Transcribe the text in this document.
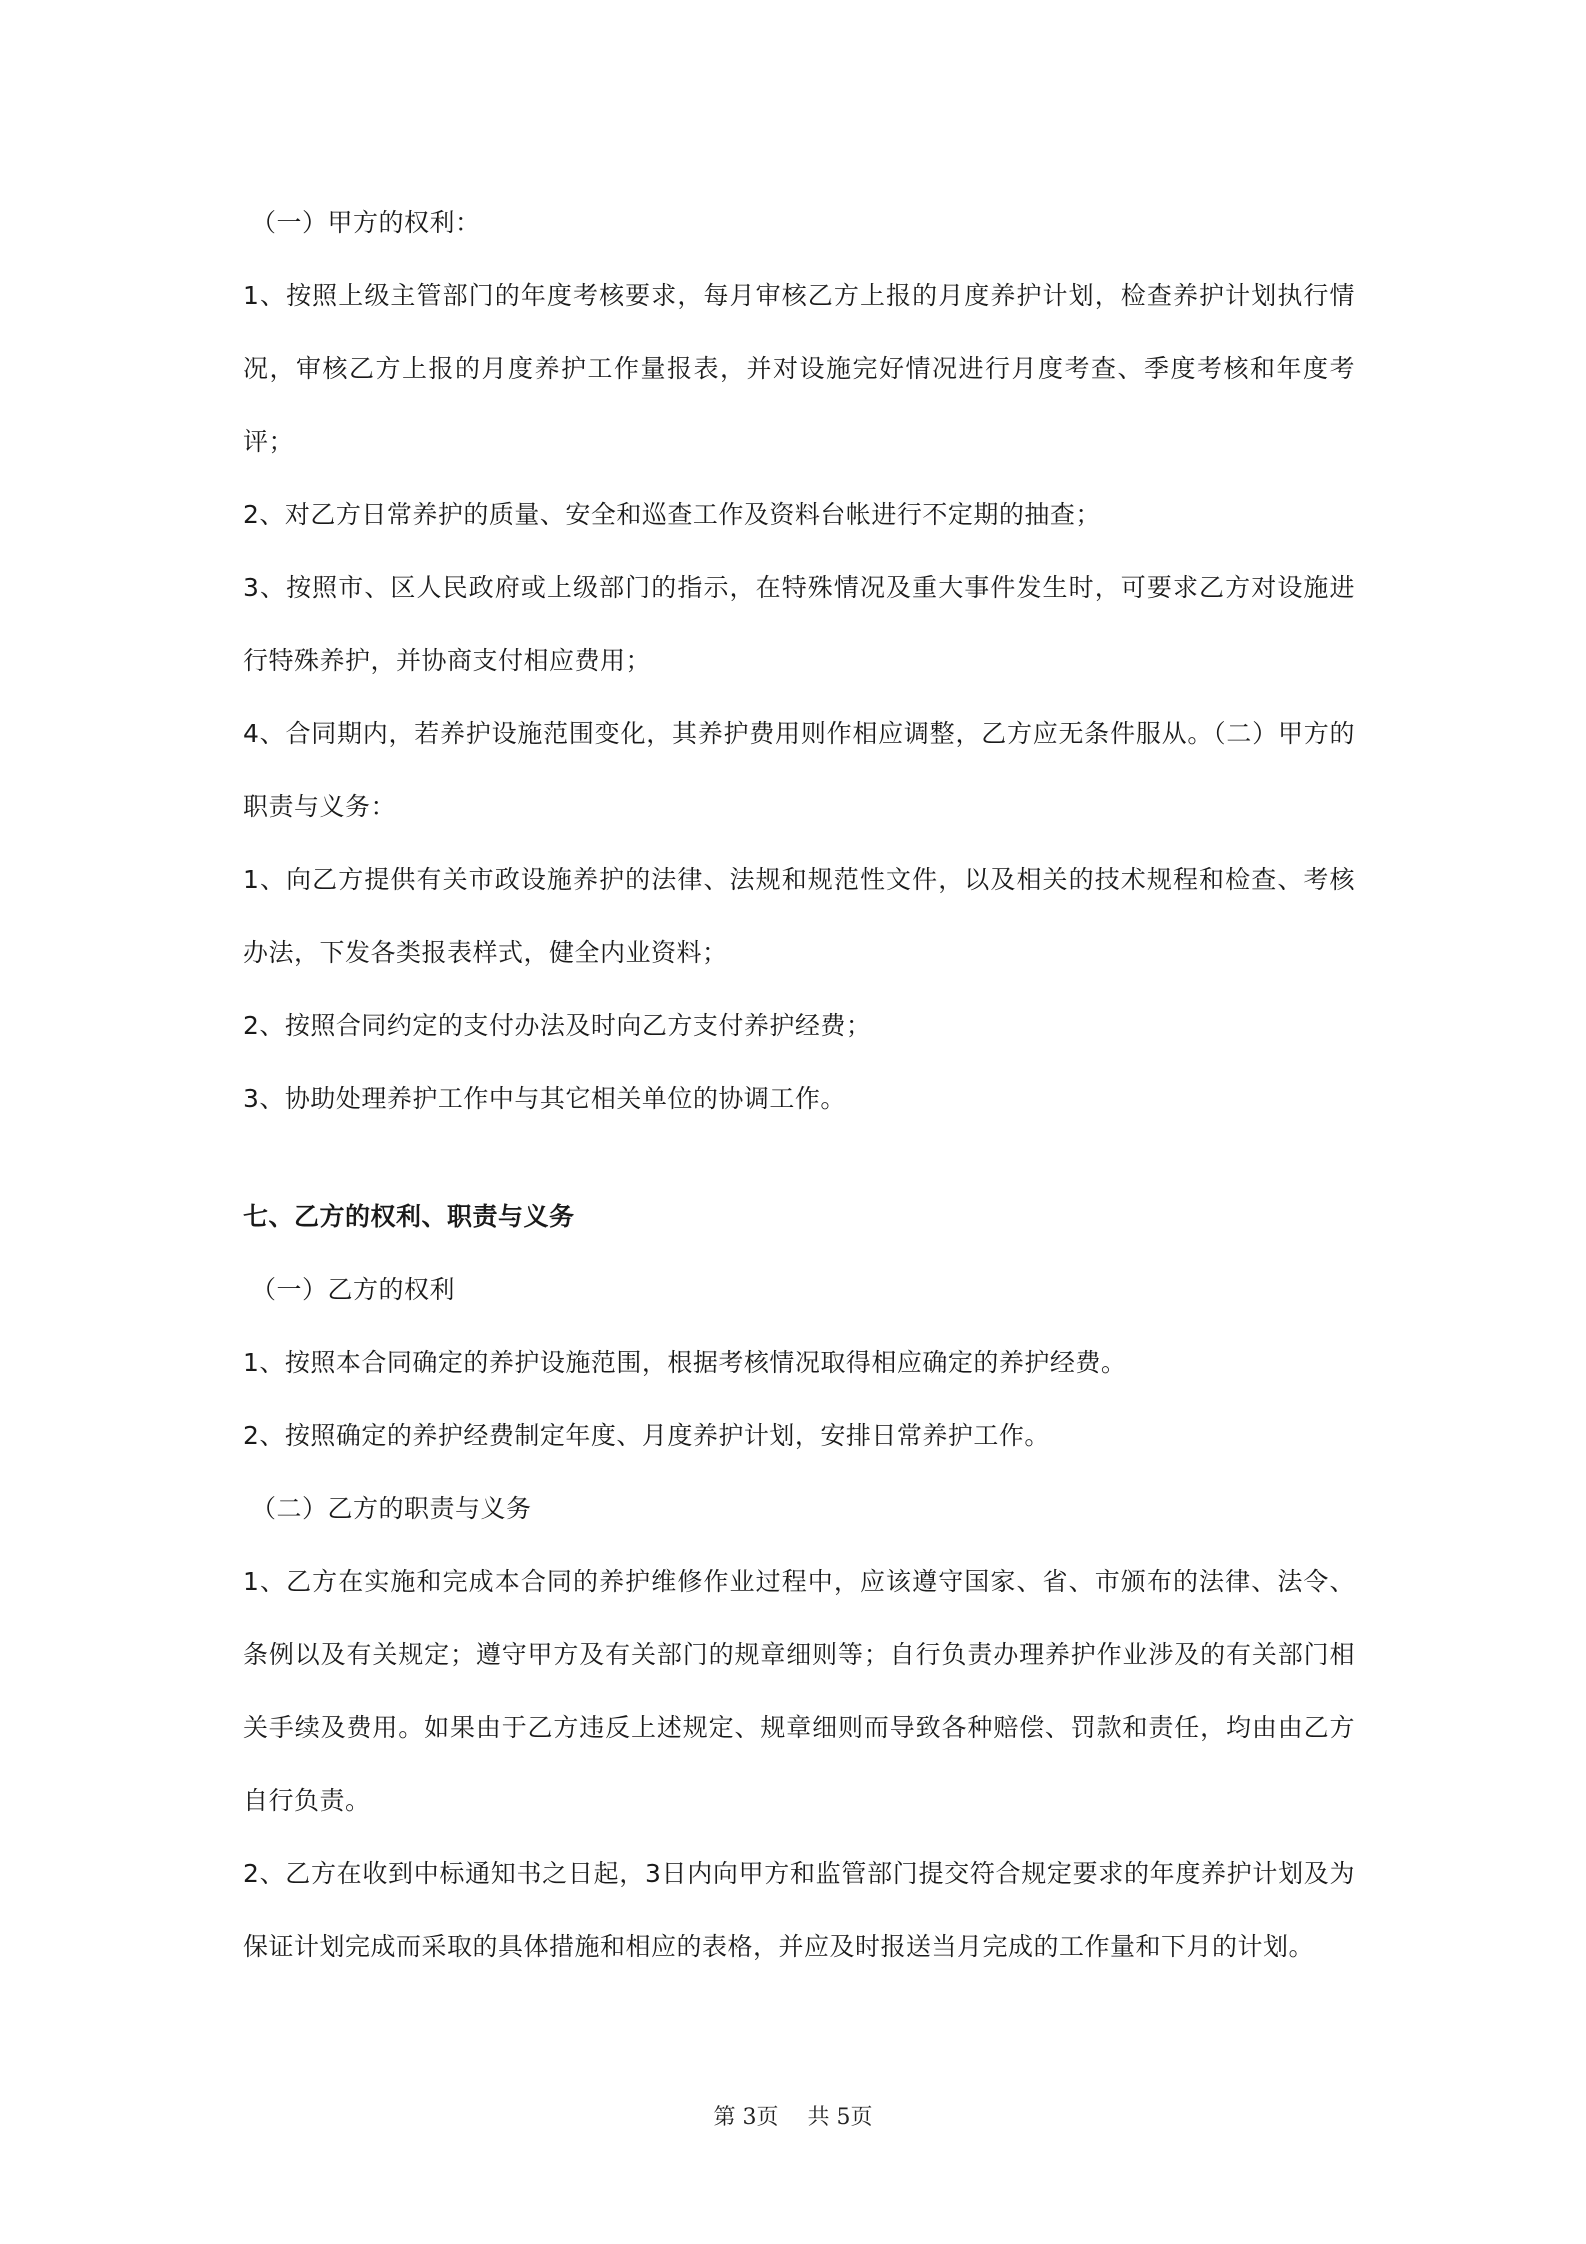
（一）甲方的权利：

1、按照上级主管部门的年度考核要求，每月审核乙方上报的月度养护计划，检查养护计划执行情况，审核乙方上报的月度养护工作量报表，并对设施完好情况进行月度考查、季度考核和年度考评；

2、对乙方日常养护的质量、安全和巡查工作及资料台帐进行不定期的抽查；

3、按照市、区人民政府或上级部门的指示，在特殊情况及重大事件发生时，可要求乙方对设施进行特殊养护，并协商支付相应费用；

4、合同期内，若养护设施范围变化，其养护费用则作相应调整，乙方应无条件服从。（二）甲方的职责与义务：

1、向乙方提供有关市政设施养护的法律、法规和规范性文件，以及相关的技术规程和检查、考核办法，下发各类报表样式，健全内业资料；

2、按照合同约定的支付办法及时向乙方支付养护经费；

3、协助处理养护工作中与其它相关单位的协调工作。

七、乙方的权利、职责与义务

（一）乙方的权利

1、按照本合同确定的养护设施范围，根据考核情况取得相应确定的养护经费。

2、按照确定的养护经费制定年度、月度养护计划，安排日常养护工作。

（二）乙方的职责与义务

1、乙方在实施和完成本合同的养护维修作业过程中，应该遵守国家、省、市颁布的法律、法令、条例以及有关规定；遵守甲方及有关部门的规章细则等；自行负责办理养护作业涉及的有关部门相关手续及费用。如果由于乙方违反上述规定、规章细则而导致各种赔偿、罚款和责任，均由由乙方自行负责。

2、乙方在收到中标通知书之日起，3日内向甲方和监管部门提交符合规定要求的年度养护计划及为保证计划完成而采取的具体措施和相应的表格，并应及时报送当月完成的工作量和下月的计划。

第 3页 共 5页
